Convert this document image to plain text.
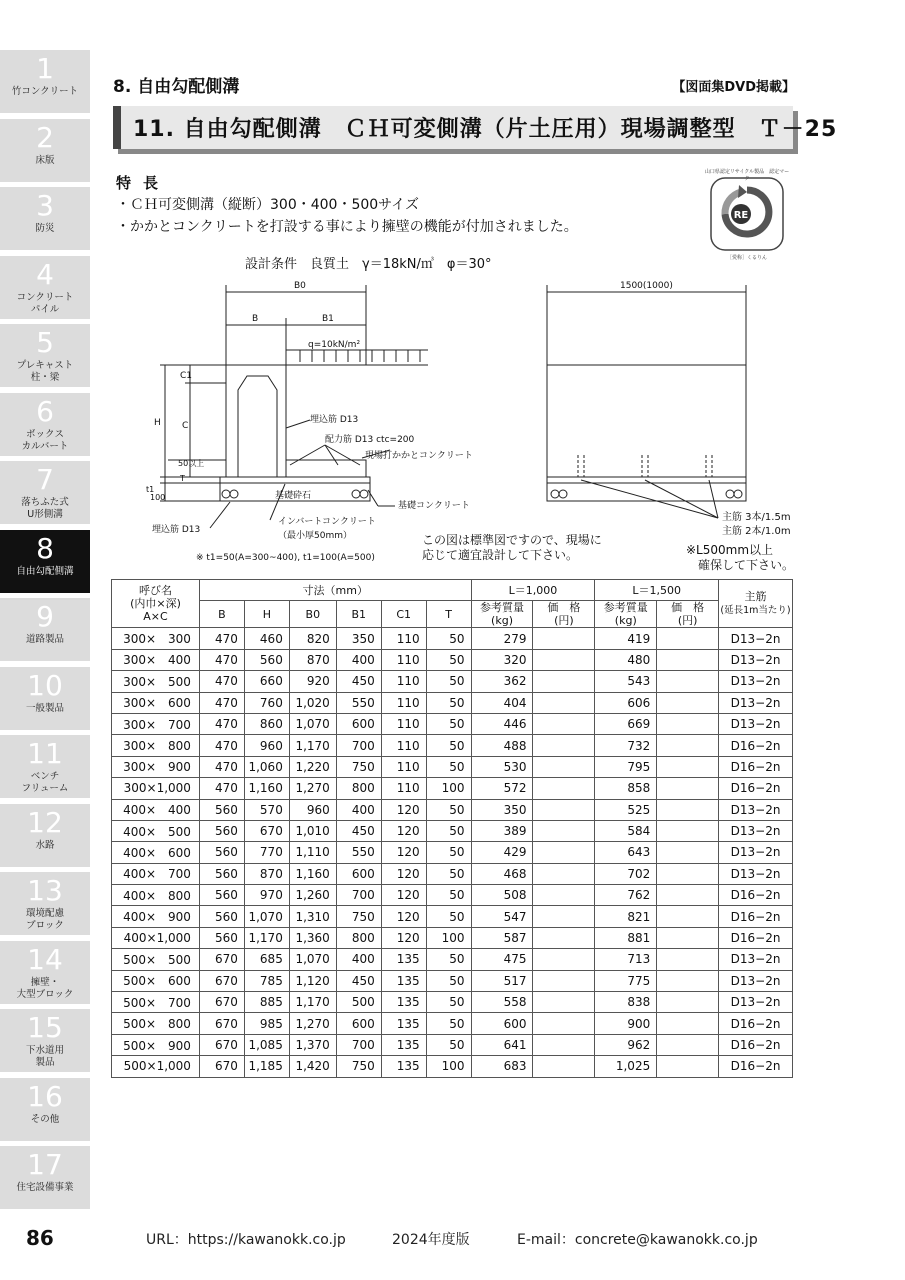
1
竹コンクリート
2
床版
3
防災
4
コンクリート
パイル
5
プレキャスト
柱・梁
6
ボックス
カルバート
7
落ちふた式
U形側溝
8
自由勾配側溝
9
道路製品
10
一般製品
11
ベンチ
フリューム
12
水路
13
環境配慮
ブロック
14
擁壁・
大型ブロック
15
下水道用
製品
16
その他
17
住宅設備事業
8. 自由勾配側溝	【図面集DVD掲載】
11. 自由勾配側溝　ＣＨ可変側溝（片土圧用）現場調整型　Ｔ－25
特長
・ＣＨ可変側溝（縦断）300・400・500サイズ
・かかとコンクリートを打設する事により擁壁の機能が付加されました。
山口県認定リサイクル製品　認定マーク
RE
［愛称］くるりん
設計条件　良質土　γ＝18kN/㎥　φ＝30°
B0
B	B1
q=10kN/m²
C1
H C
50以上
T
t1
100
埋込筋 D13
配力筋 D13 ctc=200
現場打かかとコンクリート
基礎砕石
基礎コンクリート
埋込筋 D13
インバートコンクリート
（最小厚50mm）
※ t1=50(A=300~400), t1=100(A=500)
1500(1000)
主筋 3本/1.5m
主筋 2本/1.0m
この図は標準図ですので、現場に
応じて適宜設計して下さい。	※L500mm以上
　確保して下さい。
呼び名
(内巾×深)
A×C	寸法（mm）						L＝1,000		L＝1,500		主筋
(延長1m当たり)
							参考質量
(kg)	価　格
(円)	参考質量
(kg)	価　格
(円)	
	B	H	B0	B1	C1	T					
300×　300	470	460	820	350	110	50	279		419		D13−2n
300×　400	470	560	870	400	110	50	320		480		D13−2n
300×　500	470	660	920	450	110	50	362		543		D13−2n
300×　600	470	760	1,020	550	110	50	404		606		D13−2n
300×　700	470	860	1,070	600	110	50	446		669		D13−2n
300×　800	470	960	1,170	700	110	50	488		732		D16−2n
300×　900	470	1,060	1,220	750	110	50	530		795		D16−2n
300×1,000	470	1,160	1,270	800	110	100	572		858		D16−2n
400×　400	560	570	960	400	120	50	350		525		D13−2n
400×　500	560	670	1,010	450	120	50	389		584		D13−2n
400×　600	560	770	1,110	550	120	50	429		643		D13−2n
400×　700	560	870	1,160	600	120	50	468		702		D13−2n
400×　800	560	970	1,260	700	120	50	508		762		D16−2n
400×　900	560	1,070	1,310	750	120	50	547		821		D16−2n
400×1,000	560	1,170	1,360	800	120	100	587		881		D16−2n
500×　500	670	685	1,070	400	135	50	475		713		D13−2n
500×　600	670	785	1,120	450	135	50	517		775		D13−2n
500×　700	670	885	1,170	500	135	50	558		838		D13−2n
500×　800	670	985	1,270	600	135	50	600		900		D16−2n
500×　900	670	1,085	1,370	700	135	50	641		962		D16−2n
500×1,000	670	1,185	1,420	750	135	100	683		1,025		D16−2n
86	URL：https://kawanokk.co.jp	2024年度版	E-mail：concrete@kawanokk.co.jp
